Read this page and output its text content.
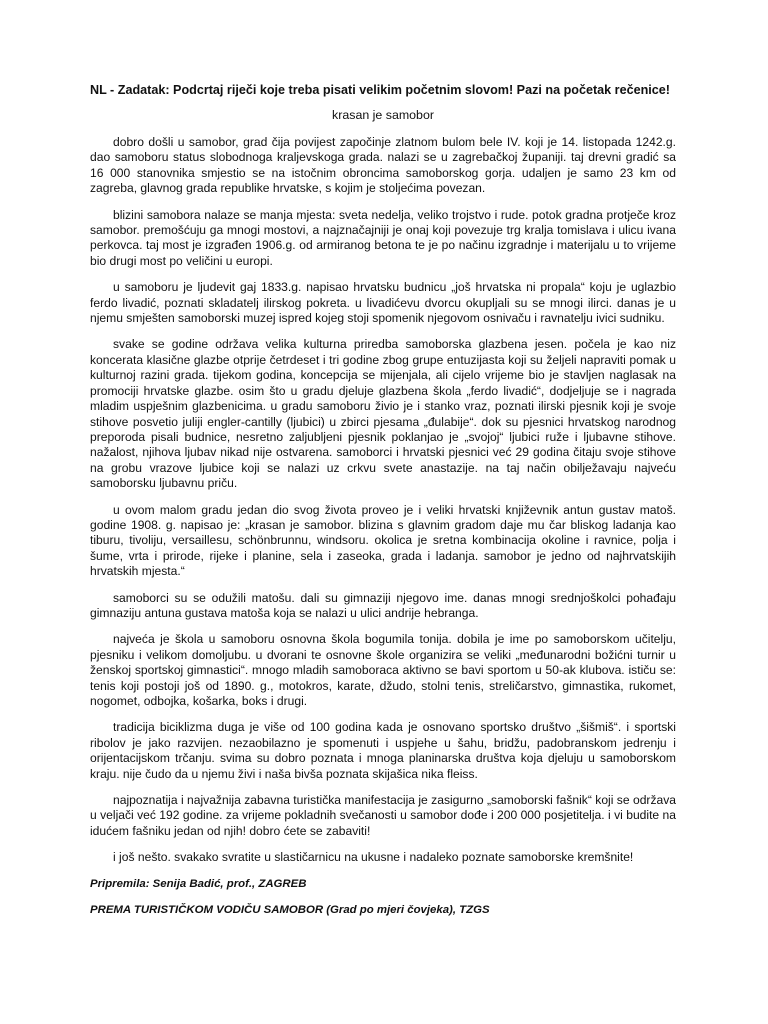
NL - Zadatak: Podcrtaj riječi koje treba pisati velikim početnim slovom! Pazi na početak rečenice!

krasan je samobor

dobro došli u samobor, grad čija povijest započinje zlatnom bulom bele IV. koji je 14. listopada 1242.g. dao samoboru status slobodnoga kraljevskoga grada. nalazi se u zagrebačkoj županiji. taj drevni gradić sa 16 000 stanovnika smjestio se na istočnim obroncima samoborskog gorja. udaljen je samo 23 km od zagreba, glavnog grada republike hrvatske, s kojim je stoljećima povezan.

blizini samobora nalaze se manja mjesta: sveta nedelja, veliko trojstvo i rude. potok gradna protječe kroz samobor. premošćuju ga mnogi mostovi, a najznačajniji je onaj koji povezuje trg kralja tomislava i ulicu ivana perkovca. taj most je izgrađen 1906.g. od armiranog betona te je po načinu izgradnje i materijalu u to vrijeme bio drugi most po veličini u europi.

u samoboru je ljudevit gaj 1833.g. napisao hrvatsku budnicu „još hrvatska ni propala“ koju je uglazbio ferdo livadić, poznati skladatelj ilirskog pokreta. u livadićevu dvorcu okupljali su se mnogi ilirci. danas je u njemu smješten samoborski muzej ispred kojeg stoji spomenik njegovom osnivaču i ravnatelju ivici sudniku.

svake se godine održava velika kulturna priredba samoborska glazbena jesen. počela je kao niz koncerata klasične glazbe otprije četrdeset i tri godine zbog grupe entuzijasta koji su željeli napraviti pomak u kulturnoj razini grada. tijekom godina, koncepcija se mijenjala, ali cijelo vrijeme bio je stavljen naglasak na promociji hrvatske glazbe. osim što u gradu djeluje glazbena škola „ferdo livadić“, dodjeljuje se i nagrada mladim uspješnim glazbenicima. u gradu samoboru živio je i stanko vraz, poznati ilirski pjesnik koji je svoje stihove posvetio juliji engler-cantilly (ljubici) u zbirci pjesama „đulabije“. dok su pjesnici hrvatskog narodnog preporoda pisali budnice, nesretno zaljubljeni pjesnik poklanjao je „svojoj“ ljubici ruže i ljubavne stihove. nažalost, njihova ljubav nikad nije ostvarena. samoborci i hrvatski pjesnici već 29 godina čitaju svoje stihove na grobu vrazove ljubice koji se nalazi uz crkvu svete anastazije. na taj način obilježavaju najveću samoborsku ljubavnu priču.

u ovom malom gradu jedan dio svog života proveo je i veliki hrvatski književnik antun gustav matoš. godine 1908. g. napisao je: „krasan je samobor. blizina s glavnim gradom daje mu čar bliskog ladanja kao tiburu, tivoliju, versaillesu, schönbrunnu, windsoru. okolica je sretna kombinacija okoline i ravnice, polja i šume, vrta i prirode, rijeke i planine, sela i zaseoka, grada i ladanja. samobor je jedno od najhrvatskijih hrvatskih mjesta.“

samoborci su se odužili matošu. dali su gimnaziji njegovo ime. danas mnogi srednjoškolci pohađaju gimnaziju antuna gustava matoša koja se nalazi u ulici andrije hebranga.

najveća je škola u samoboru osnovna škola bogumila tonija. dobila je ime po samoborskom učitelju, pjesniku i velikom domoljubu. u dvorani te osnovne škole organizira se veliki „međunarodni božićni turnir u ženskoj sportskoj gimnastici“. mnogo mladih samoboraca aktivno se bavi sportom u 50-ak klubova. ističu se: tenis koji postoji još od 1890. g., motokros, karate, džudo, stolni tenis, streličarstvo, gimnastika, rukomet, nogomet, odbojka, košarka, boks i drugi.

tradicija biciklizma duga je više od 100 godina kada je osnovano sportsko društvo „šišmiš“. i sportski ribolov je jako razvijen. nezaobilazno je spomenuti i uspjehe u šahu, bridžu, padobranskom jedrenju i orijentacijskom trčanju. svima su dobro poznata i mnoga planinarska društva koja djeluju u samoborskom kraju. nije čudo da u njemu živi i naša bivša poznata skijašica nika fleiss.

najpoznatija i najvažnija zabavna turistička manifestacija je zasigurno „samoborski fašnik“ koji se održava u veljači već 192 godine. za vrijeme pokladnih svečanosti u samobor dođe i 200 000 posjetitelja. i vi budite na idućem fašniku jedan od njih! dobro ćete se zabaviti!

i još nešto. svakako svratite u slastičarnicu na ukusne i nadaleko poznate samoborske kremšnite!

Pripremila: Senija Badić, prof., ZAGREB

PREMA TURISTIČKOM VODIČU SAMOBOR (Grad po mjeri čovjeka), TZGS
